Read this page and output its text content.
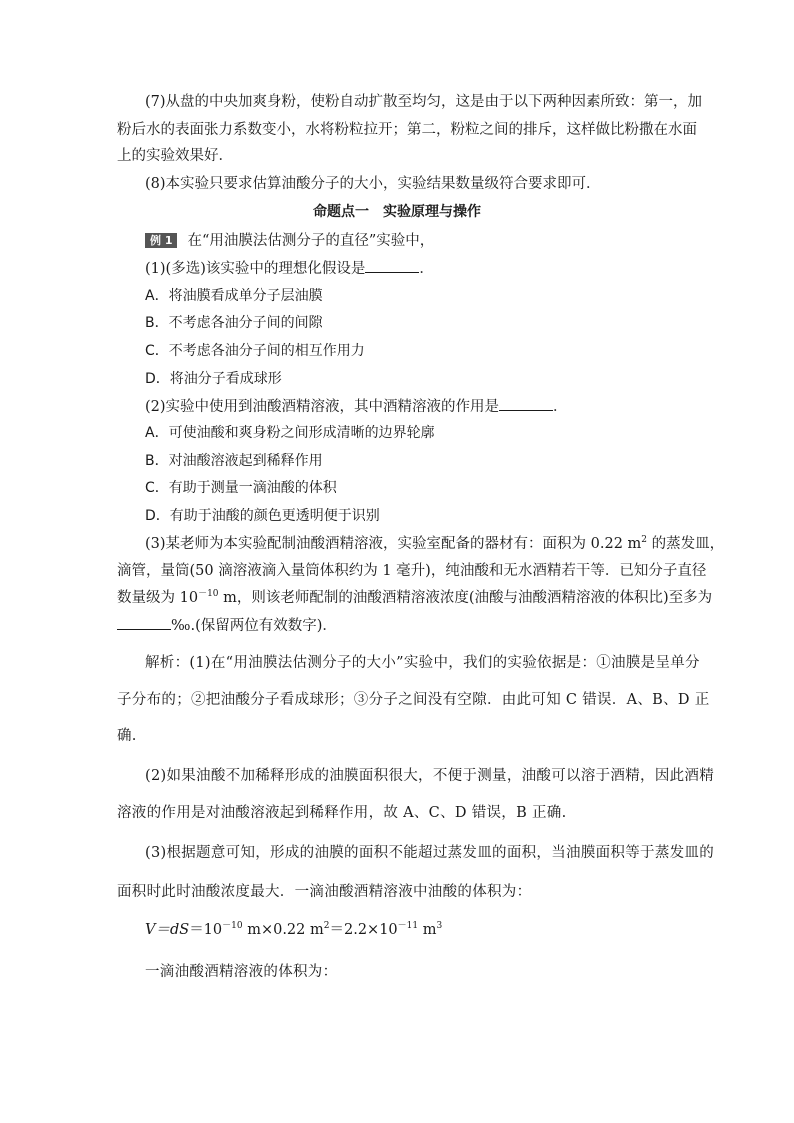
(7)从盘的中央加爽身粉，使粉自动扩散至均匀，这是由于以下两种因素所致：第一，加
粉后水的表面张力系数变小，水将粉粒拉开；第二，粉粒之间的排斥，这样做比粉撒在水面
上的实验效果好．
(8)本实验只要求估算油酸分子的大小，实验结果数量级符合要求即可．
命题点一　实验原理与操作
例 1 在“用油膜法估测分子的直径”实验中，
(1)(多选)该实验中的理想化假设是	．
A．将油膜看成单分子层油膜
B．不考虑各油分子间的间隙
C．不考虑各油分子间的相互作用力
D．将油分子看成球形
(2)实验中使用到油酸酒精溶液，其中酒精溶液的作用是	．
A．可使油酸和爽身粉之间形成清晰的边界轮廓
B．对油酸溶液起到稀释作用
C．有助于测量一滴油酸的体积
D．有助于油酸的颜色更透明便于识别
(3)某老师为本实验配制油酸酒精溶液，实验室配备的器材有：面积为 0.22 $m^2$ 的蒸发皿，
滴管，量筒(50 滴溶液滴入量筒体积约为 1 毫升)，纯油酸和无水酒精若干等．已知分子直径
数量级为 $10^{-10}$ m，则该老师配制的油酸酒精溶液浓度(油酸与油酸酒精溶液的体积比)至多为
‰.(保留两位有效数字)．
解析：(1)在“用油膜法估测分子的大小”实验中，我们的实验依据是：①油膜是呈单分
子分布的；②把油酸分子看成球形；③分子之间没有空隙．由此可知 C 错误．A、B、D 正
确.
(2)如果油酸不加稀释形成的油膜面积很大，不便于测量，油酸可以溶于酒精，因此酒精
溶液的作用是对油酸溶液起到稀释作用，故 A、C、D 错误，B 正确.
(3)根据题意可知，形成的油膜的面积不能超过蒸发皿的面积，当油膜面积等于蒸发皿的
面积时此时油酸浓度最大．一滴油酸酒精溶液中油酸的体积为：
$V=dS=10^{-10}$ m×0.22 $m^2=2.2\times 10^{-11}$ $m^3$
一滴油酸酒精溶液的体积为：
